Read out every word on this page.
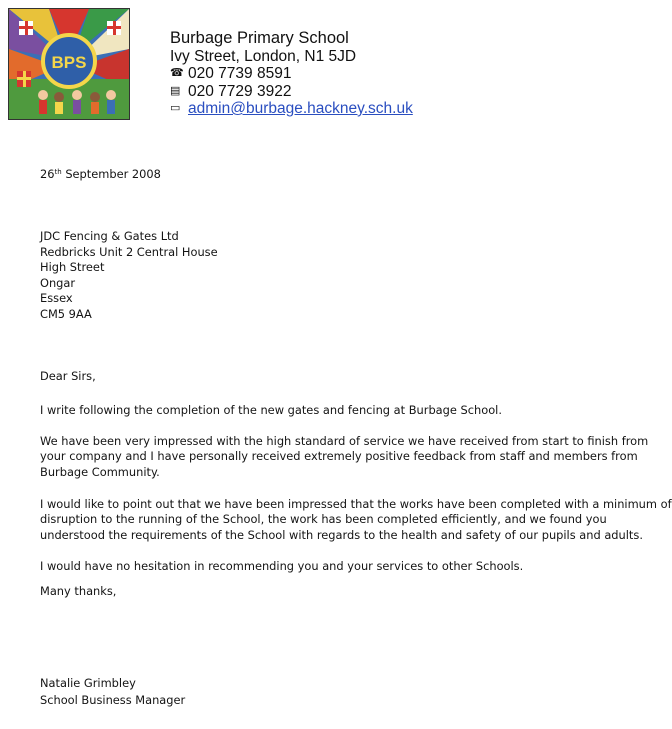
BPS
Burbage Primary School
Ivy Street, London, N1 5JD
☎ 020 7739 8591
▤ 020 7729 3922
▭ admin@burbage.hackney.sch.uk
26th September 2008
JDC Fencing & Gates Ltd
Redbricks Unit 2 Central House
High Street
Ongar
Essex
CM5 9AA
Dear Sirs,
I write following the completion of the new gates and fencing at Burbage School.
We have been very impressed with the high standard of service we have received from start to finish from
your company and I have personally received extremely positive feedback from staff and members from
Burbage Community.
I would like to point out that we have been impressed that the works have been completed with a minimum of
disruption to the running of the School, the work has been completed efficiently, and we found you
understood the requirements of the School with regards to the health and safety of our pupils and adults.
I would have no hesitation in recommending you and your services to other Schools.
Many thanks,
Natalie Grimbley
School Business Manager
